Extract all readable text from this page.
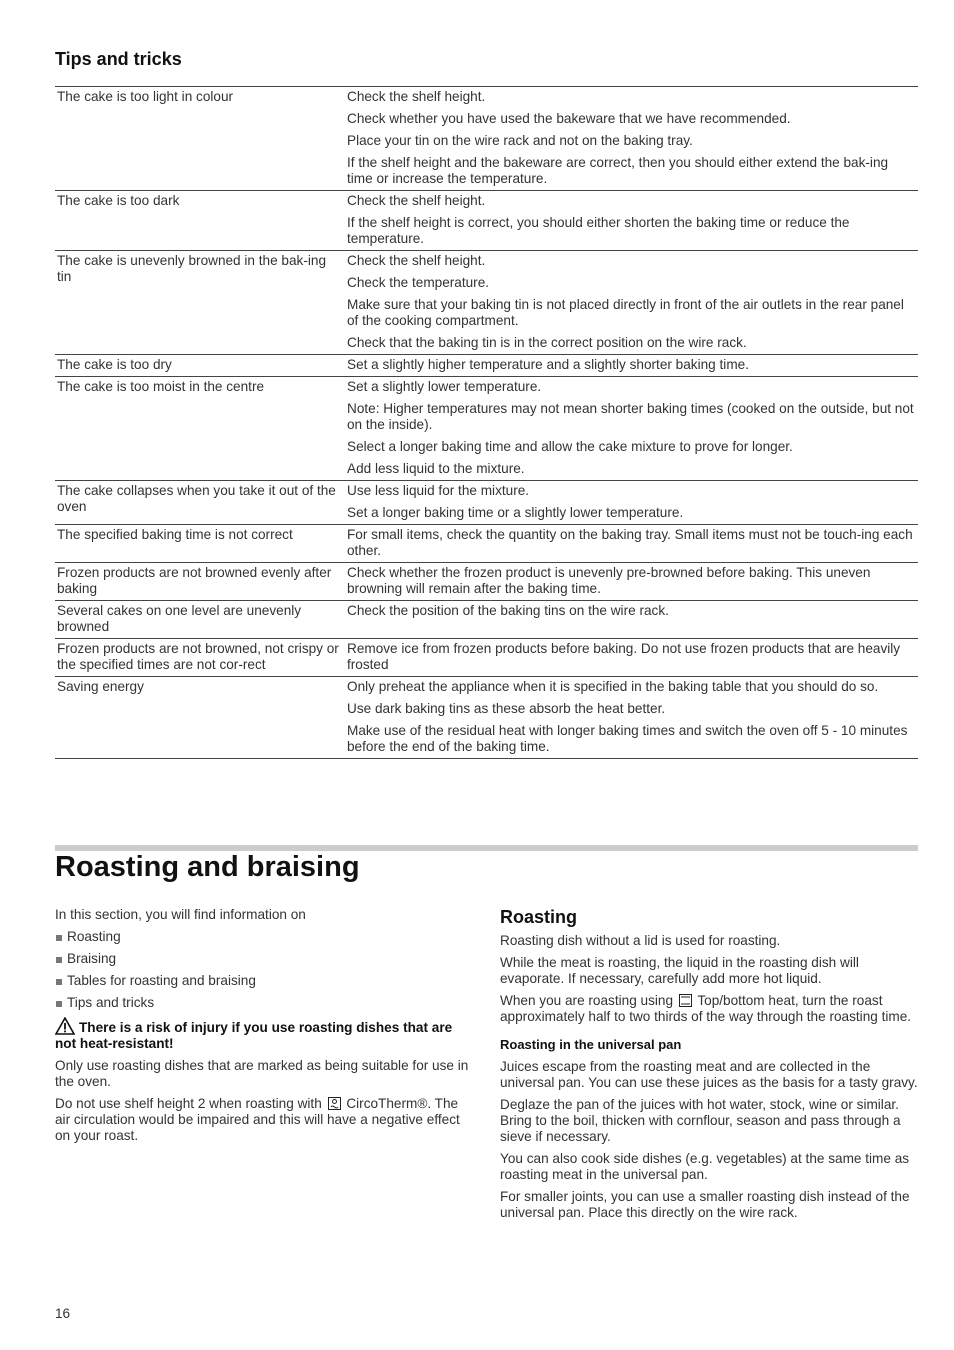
Tips and tricks
The cake is too light in colour	Check the shelf height.

Check whether you have used the bakeware that we have recommended.

Place your tin on the wire rack and not on the baking tray.

If the shelf height and the bakeware are correct, then you should either extend the bak-ing time or increase the temperature.

The cake is too dark	Check the shelf height.

If the shelf height is correct, you should either shorten the baking time or reduce the temperature.

The cake is unevenly browned in the bak-ing tin	Check the shelf height.

Check the temperature.

Make sure that your baking tin is not placed directly in front of the air outlets in the rear panel of the cooking compartment.

Check that the baking tin is in the correct position on the wire rack.

The cake is too dry	Set a slightly higher temperature and a slightly shorter baking time.

The cake is too moist in the centre	Set a slightly lower temperature.

Note: Higher temperatures may not mean shorter baking times (cooked on the outside, but not on the inside).

Select a longer baking time and allow the cake mixture to prove for longer.

Add less liquid to the mixture.

The cake collapses when you take it out of the oven	Use less liquid for the mixture.

Set a longer baking time or a slightly lower temperature.

The specified baking time is not correct	For small items, check the quantity on the baking tray. Small items must not be touch-ing each other.

Frozen products are not browned evenly after baking	Check whether the frozen product is unevenly pre-browned before baking. This uneven browning will remain after the baking time.

Several cakes on one level are unevenly browned	Check the position of the baking tins on the wire rack.

Frozen products are not browned, not crispy or the specified times are not cor-rect	Remove ice from frozen products before baking. Do not use frozen products that are heavily frosted

Saving energy	Only preheat the appliance when it is specified in the baking table that you should do so.

Use dark baking tins as these absorb the heat better.

Make use of the residual heat with longer baking times and switch the oven off 5 - 10 minutes before the end of the baking time.

Roasting and braising

In this section, you will find information on

Roasting
Braising
Tables for roasting and braising
Tips and tricks

There is a risk of injury if you use roasting dishes that are not heat-resistant!

Only use roasting dishes that are marked as being suitable for use in the oven.

Do not use shelf height 2 when roasting with CircoTherm®. The air circulation would be impaired and this will have a negative effect on your roast.

Roasting

Roasting dish without a lid is used for roasting.

While the meat is roasting, the liquid in the roasting dish will evaporate. If necessary, carefully add more hot liquid.

When you are roasting using Top/bottom heat, turn the roast approximately half to two thirds of the way through the roasting time.

Roasting in the universal pan

Juices escape from the roasting meat and are collected in the universal pan. You can use these juices as the basis for a tasty gravy.

Deglaze the pan of the juices with hot water, stock, wine or similar. Bring to the boil, thicken with cornflour, season and pass through a sieve if necessary.

You can also cook side dishes (e.g. vegetables) at the same time as roasting meat in the universal pan.

For smaller joints, you can use a smaller roasting dish instead of the universal pan. Place this directly on the wire rack.

16
